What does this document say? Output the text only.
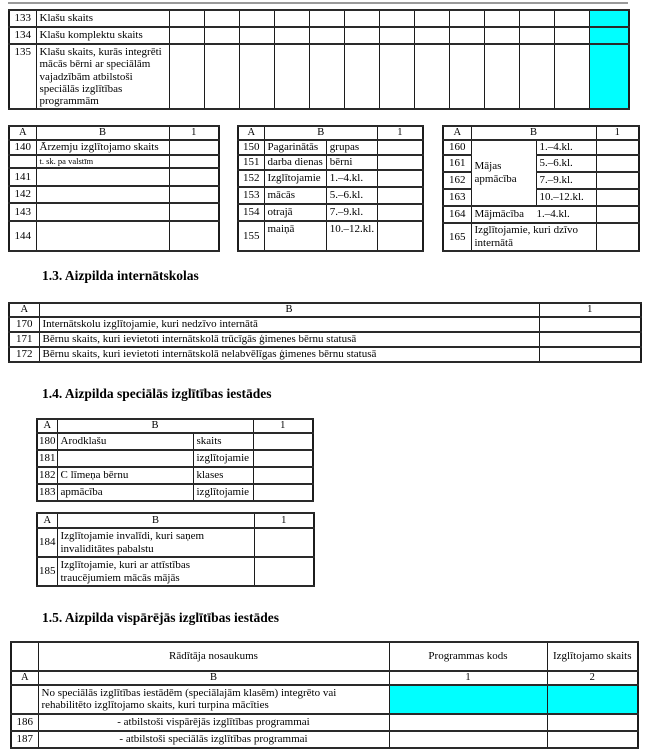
133	Klašu skaits													
134	Klašu komplektu skaits													
135	Klašu skaits, kurās integrēti mācās bērni ar speciālām vajadzībām atbilstoši speciālās izglītības programmām													
A	B	1
140	Ārzemju izglītojamo skaits	
	t. sk. pa valstīm	
141		
142		
143		
144		
A	B		1
150	Pagarinātās	grupas	
151	darba dienas	bērni	
152	Izglītojamie	1.–4.kl.	
153	mācās	5.–6.kl.	
154	otrajā	7.–9.kl.	
155	maiņā	10.–12.kl.	
A	B		1
160	Mājas apmācība	1.–4.kl.	
161		5.–6.kl.	
162		7.–9.kl.	
163		10.–12.kl.	
164	Mājmācība 1.–4.kl.		
165	Izglītojamie, kuri dzīvo internātā		
1.3. Aizpilda internātskolas
A	B	1
170	Internātskolu izglītojamie, kuri nedzīvo internātā	
171	Bērnu skaits, kuri ievietoti internātskolā trūcīgās ģimenes bērnu statusā	
172	Bērnu skaits, kuri ievietoti internātskolā nelabvēlīgas ģimenes bērnu statusā	
1.4. Aizpilda speciālās izglītības iestādes
A	B		1
180	Arodklašu	skaits	
181		izglītojamie	
182	C līmeņa bērnu	klases	
183	apmācība	izglītojamie	
A	B	1
184	Izglītojamie invalīdi, kuri saņem invaliditātes pabalstu	
185	Izglītojamie, kuri ar attīstības traucējumiem mācās mājās	
1.5. Aizpilda vispārējās izglītības iestādes
	Rādītāja nosaukums	Programmas kods	Izglītojamo skaits
A	B	1	2
	No speciālās izglītības iestādēm (speciālajām klasēm) integrēto vai rehabilitēto izglītojamo skaits, kuri turpina mācīties		
186	- atbilstoši vispārējās izglītības programmai		
187	- atbilstoši speciālās izglītības programmai		
